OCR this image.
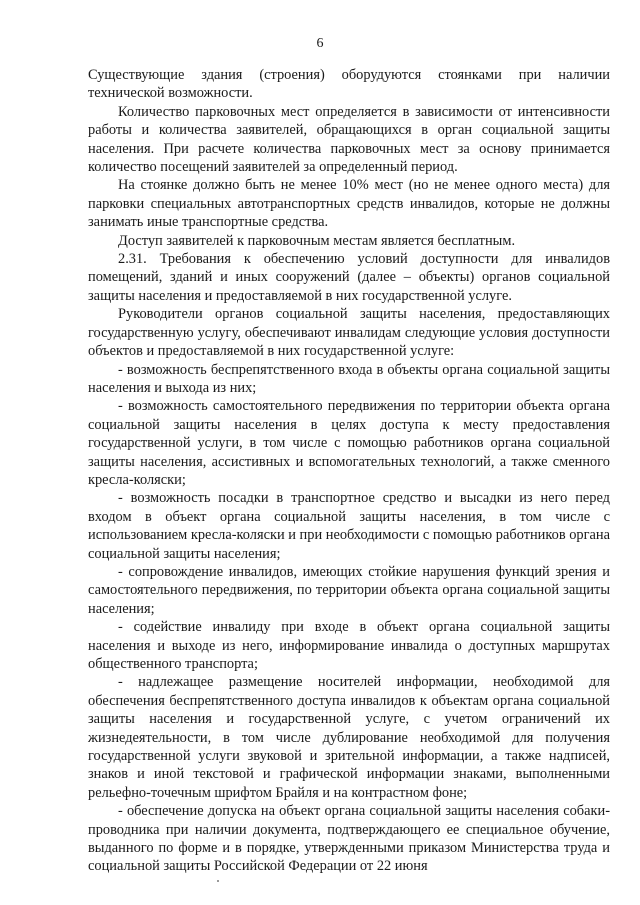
6

Существующие здания (строения) оборудуются стоянками при наличии технической возможности.

Количество парковочных мест определяется в зависимости от интенсивности работы и количества заявителей, обращающихся в орган социальной защиты населения. При расчете количества парковочных мест за основу принимается количество посещений заявителей за определенный период.

На стоянке должно быть не менее 10% мест (но не менее одного места) для парковки специальных автотранспортных средств инвалидов, которые не должны занимать иные транспортные средства.

Доступ заявителей к парковочным местам является бесплатным.

2.31. Требования к обеспечению условий доступности для инвалидов помещений, зданий и иных сооружений (далее – объекты) органов социальной защиты населения и предоставляемой в них государственной услуге.

Руководители органов социальной защиты населения, предоставляющих государственную услугу, обеспечивают инвалидам следующие условия доступности объектов и предоставляемой в них государственной услуге:

- возможность беспрепятственного входа в объекты органа социальной защиты населения и выхода из них;

- возможность самостоятельного передвижения по территории объекта органа социальной защиты населения в целях доступа к месту предоставления государственной услуги, в том числе с помощью работников органа социальной защиты населения, ассистивных и вспомогательных технологий, а также сменного кресла-коляски;

- возможность посадки в транспортное средство и высадки из него перед входом в объект органа социальной защиты населения, в том числе с использованием кресла-коляски и при необходимости с помощью работников органа социальной защиты населения;

- сопровождение инвалидов, имеющих стойкие нарушения функций зрения и самостоятельного передвижения, по территории объекта органа социальной защиты населения;

- содействие инвалиду при входе в объект органа социальной защиты населения и выходе из него, информирование инвалида о доступных маршрутах общественного транспорта;

- надлежащее размещение носителей информации, необходимой для обеспечения беспрепятственного доступа инвалидов к объектам органа социальной защиты населения и государственной услуге, с учетом ограничений их жизнедеятельности, в том числе дублирование необходимой для получения государственной услуги звуковой и зрительной информации, а также надписей, знаков и иной текстовой и графической информации знаками, выполненными рельефно-точечным шрифтом Брайля и на контрастном фоне;

- обеспечение допуска на объект органа социальной защиты населения собаки-проводника при наличии документа, подтверждающего ее специальное обучение, выданного по форме и в порядке, утвержденными приказом Министерства труда и социальной защиты Российской Федерации от 22 июня
